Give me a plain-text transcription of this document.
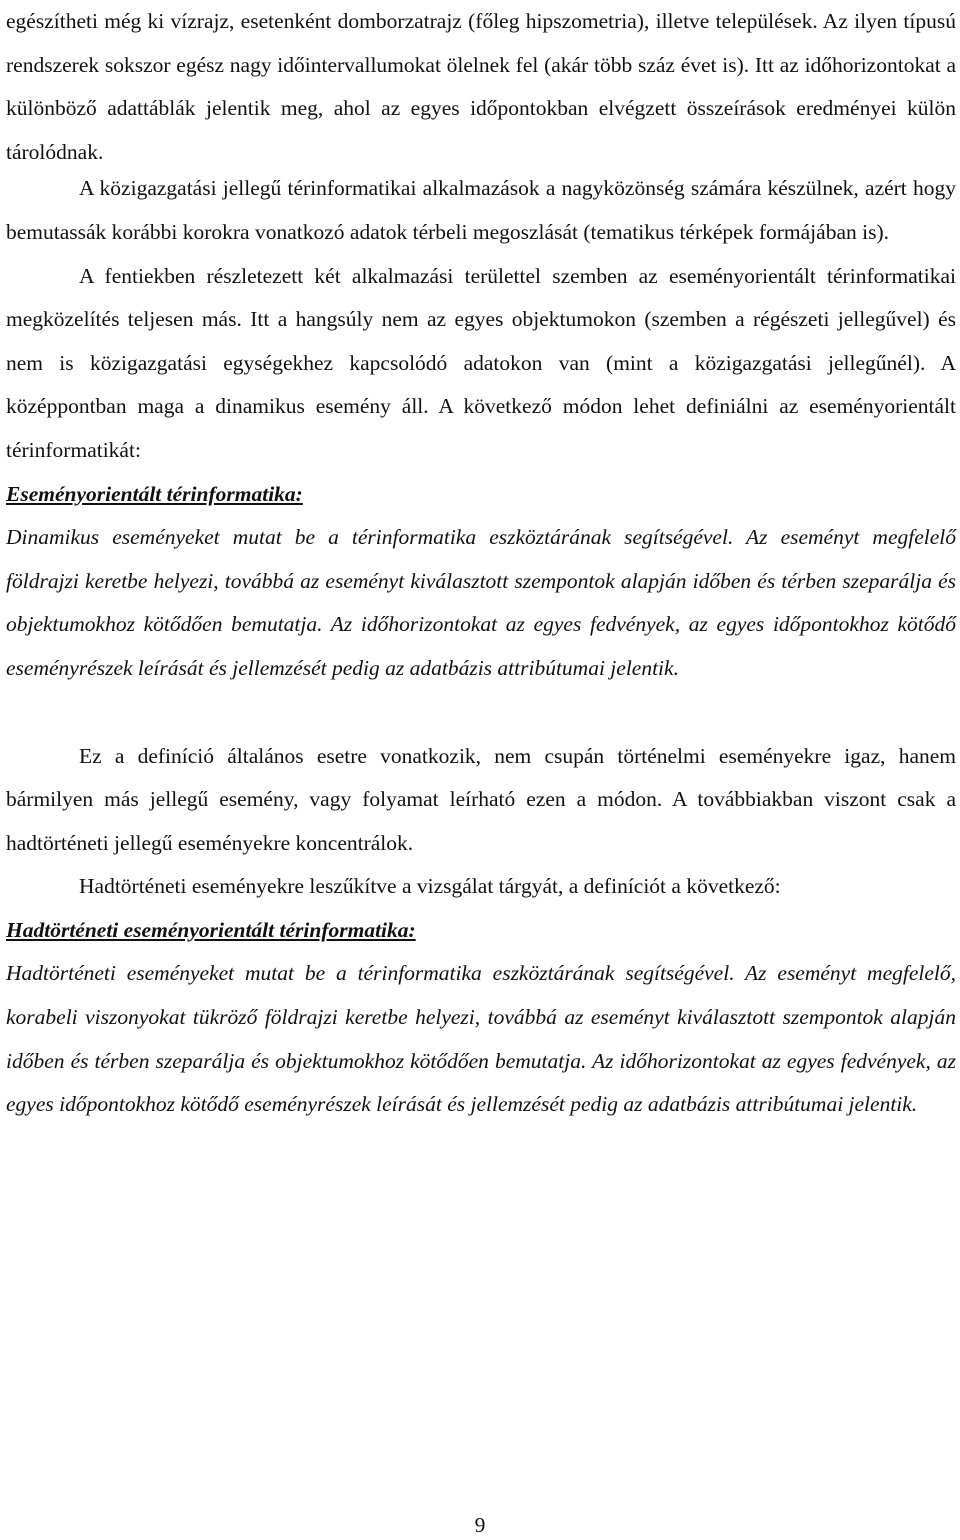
egészítheti még ki vízrajz, esetenként domborzatrajz (főleg hipszometria), illetve települések. Az ilyen típusú rendszerek sokszor egész nagy időintervallumokat ölelnek fel (akár több száz évet is). Itt az időhorizontokat a különböző adattáblák jelentik meg, ahol az egyes időpontokban elvégzett összeírások eredményei külön tárolódnak.

A közigazgatási jellegű térinformatikai alkalmazások a nagyközönség számára készülnek, azért hogy bemutassák korábbi korokra vonatkozó adatok térbeli megoszlását (tematikus térképek formájában is).

A fentiekben részletezett két alkalmazási területtel szemben az eseményorientált térinformatikai megközelítés teljesen más. Itt a hangsúly nem az egyes objektumokon (szemben a régészeti jellegűvel) és nem is közigazgatási egységekhez kapcsolódó adatokon van (mint a közigazgatási jellegűnél). A középpontban maga a dinamikus esemény áll. A következő módon lehet definiálni az eseményorientált térinformatikát:

Eseményorientált térinformatika:

Dinamikus eseményeket mutat be a térinformatika eszköztárának segítségével. Az eseményt megfelelő földrajzi keretbe helyezi, továbbá az eseményt kiválasztott szempontok alapján időben és térben szeparálja és objektumokhoz kötődően bemutatja. Az időhorizontokat az egyes fedvények, az egyes időpontokhoz kötődő eseményrészek leírását és jellemzését pedig az adatbázis attribútumai jelentik.

Ez a definíció általános esetre vonatkozik, nem csupán történelmi eseményekre igaz, hanem bármilyen más jellegű esemény, vagy folyamat leírható ezen a módon. A továbbiakban viszont csak a hadtörténeti jellegű eseményekre koncentrálok.

Hadtörténeti eseményekre leszűkítve a vizsgálat tárgyát, a definíciót a következő:

Hadtörténeti eseményorientált térinformatika:

Hadtörténeti eseményeket mutat be a térinformatika eszköztárának segítségével. Az eseményt megfelelő, korabeli viszonyokat tükröző földrajzi keretbe helyezi, továbbá az eseményt kiválasztott szempontok alapján időben és térben szeparálja és objektumokhoz kötődően bemutatja. Az időhorizontokat az egyes fedvények, az egyes időpontokhoz kötődő eseményrészek leírását és jellemzését pedig az adatbázis attribútumai jelentik.

9
